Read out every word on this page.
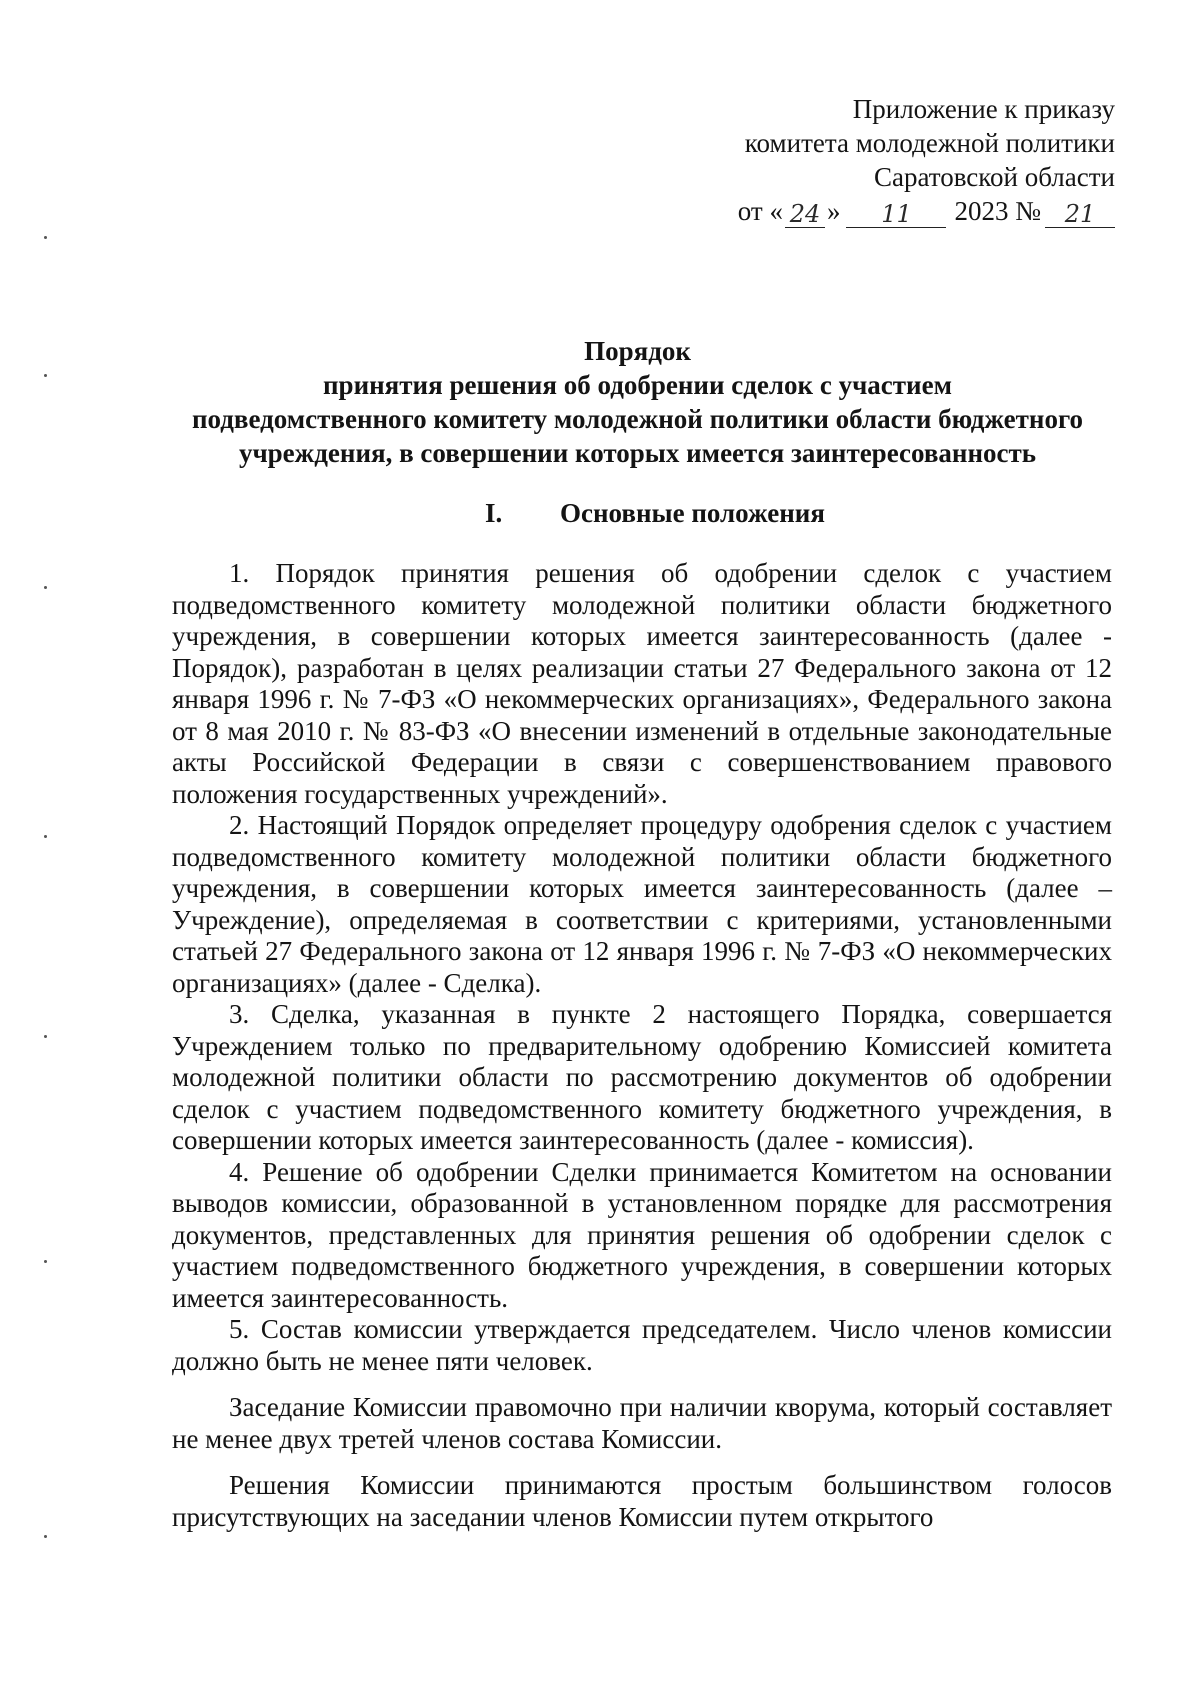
Приложение к приказу
комитета молодежной политики
Саратовской области
от « 24 »	11	2023 № 21
Порядок
принятия решения об одобрении сделок с участием
подведомственного комитету молодежной политики области бюджетного
учреждения, в совершении которых имеется заинтересованность
I. Основные положения

1. Порядок принятия решения об одобрении сделок с участием подведомственного комитету молодежной политики области бюджетного учреждения, в совершении которых имеется заинтересованность (далее - Порядок), разработан в целях реализации статьи 27 Федерального закона от 12 января 1996 г. № 7-ФЗ «О некоммерческих организациях», Федерального закона от 8 мая 2010 г. № 83-ФЗ «О внесении изменений в отдельные законодательные акты Российской Федерации в связи с совершенствованием правового положения государственных учреждений».

2. Настоящий Порядок определяет процедуру одобрения сделок с участием подведомственного комитету молодежной политики области бюджетного учреждения, в совершении которых имеется заинтересованность (далее – Учреждение), определяемая в соответствии с критериями, установленными статьей 27 Федерального закона от 12 января 1996 г. № 7-ФЗ «О некоммерческих организациях» (далее - Сделка).

3. Сделка, указанная в пункте 2 настоящего Порядка, совершается Учреждением только по предварительному одобрению Комиссией комитета молодежной политики области по рассмотрению документов об одобрении сделок с участием подведомственного комитету бюджетного учреждения, в совершении которых имеется заинтересованность (далее - комиссия).

4. Решение об одобрении Сделки принимается Комитетом на основании выводов комиссии, образованной в установленном порядке для рассмотрения документов, представленных для принятия решения об одобрении сделок с участием подведомственного бюджетного учреждения, в совершении которых имеется заинтересованность.

5. Состав комиссии утверждается председателем. Число членов комиссии должно быть не менее пяти человек.

Заседание Комиссии правомочно при наличии кворума, который составляет не менее двух третей членов состава Комиссии.

Решения Комиссии принимаются простым большинством голосов присутствующих на заседании членов Комиссии путем открытого
